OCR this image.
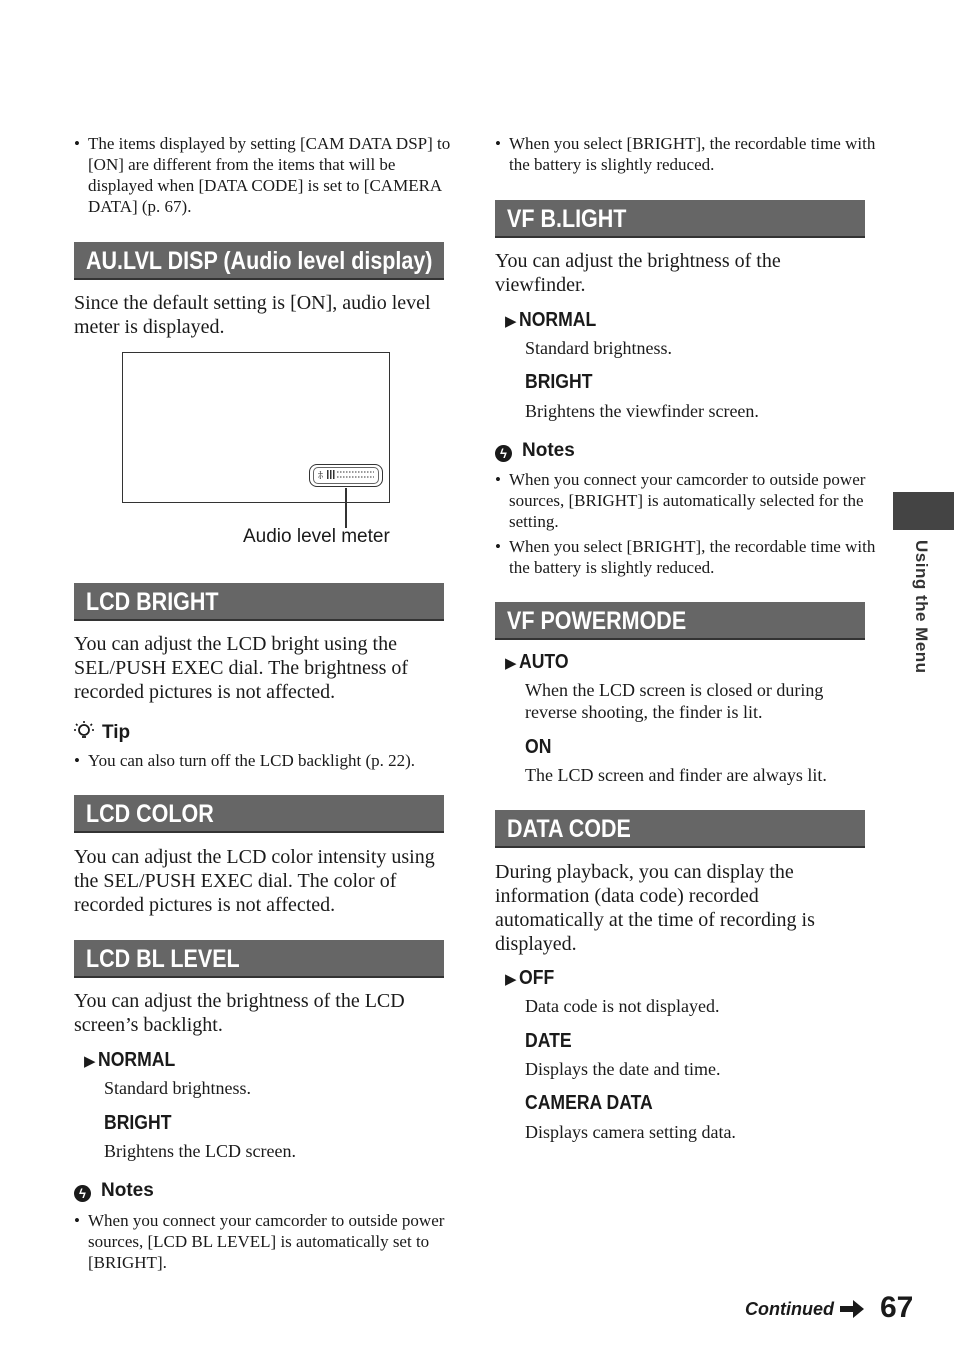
• The items displayed by setting [CAM DATA DSP] to [ON] are different from the items that will be displayed when [DATA CODE] is set to [CAMERA DATA] (p. 67).
AU.LVL DISP (Audio level display)
Since the default setting is [ON], audio level meter is displayed.
ﾎ
Audio level meter
LCD BRIGHT
You can adjust the LCD bright using the SEL/PUSH EXEC dial. The brightness of recorded pictures is not affected.
Tip
• You can also turn off the LCD backlight (p. 22).
LCD COLOR
You can adjust the LCD color intensity using the SEL/PUSH EXEC dial. The color of recorded pictures is not affected.
LCD BL LEVEL
You can adjust the brightness of the LCD screen’s backlight.
▶ NORMAL
Standard brightness.
BRIGHT
Brightens the LCD screen.
ϟ Notes
• When you connect your camcorder to outside power sources, [LCD BL LEVEL] is automatically set to [BRIGHT].
• When you select [BRIGHT], the recordable time with the battery is slightly reduced.
VF B.LIGHT
You can adjust the brightness of the viewfinder.
▶ NORMAL
Standard brightness.
BRIGHT
Brightens the viewfinder screen.
ϟ Notes
• When you connect your camcorder to outside power sources, [BRIGHT] is automatically selected for the setting.
• When you select [BRIGHT], the recordable time with the battery is slightly reduced.
VF POWERMODE
▶ AUTO
When the LCD screen is closed or during reverse shooting, the finder is lit.
ON
The LCD screen and finder are always lit.
DATA CODE
During playback, you can display the information (data code) recorded automatically at the time of recording is displayed.
▶ OFF
Data code is not displayed.
DATE
Displays the date and time.
CAMERA DATA
Displays camera setting data.
Using the Menu
Continued 67
